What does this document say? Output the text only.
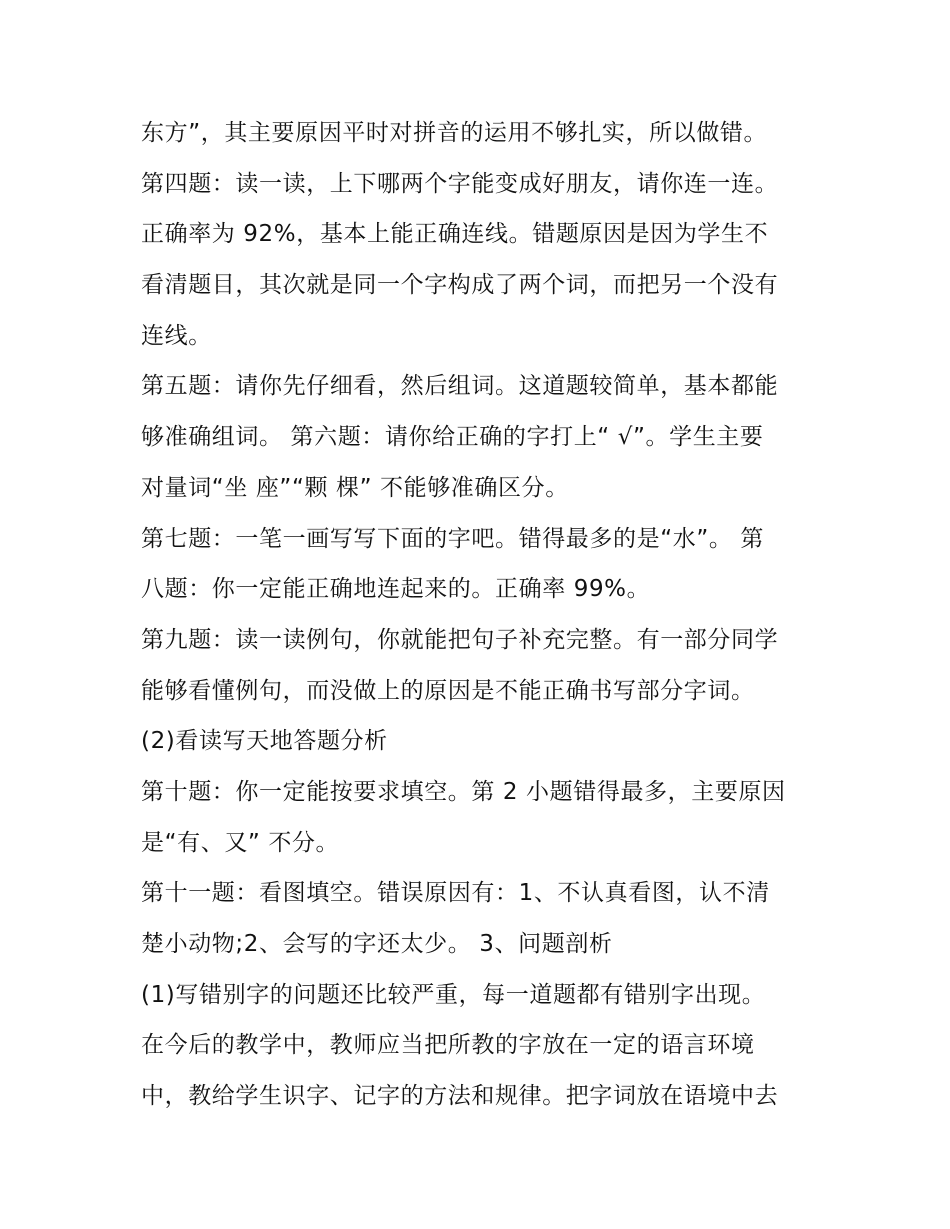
东方”，其主要原因平时对拼音的运用不够扎实，所以做错。
第四题：读一读，上下哪两个字能变成好朋友，请你连一连。
正确率为 92%，基本上能正确连线。错题原因是因为学生不
看清题目，其次就是同一个字构成了两个词，而把另一个没有
连线。
第五题：请你先仔细看，然后组词。这道题较简单，基本都能
够准确组词。 第六题：请你给正确的字打上“ √”。学生主要
对量词“坐 座”“颗 棵” 不能够准确区分。
第七题：一笔一画写写下面的字吧。错得最多的是“水”。 第
八题：你一定能正确地连起来的。正确率 99%。
第九题：读一读例句，你就能把句子补充完整。有一部分同学
能够看懂例句，而没做上的原因是不能正确书写部分字词。
(2)看读写天地答题分析
第十题：你一定能按要求填空。第 2 小题错得最多，主要原因
是“有、又” 不分。
第十一题：看图填空。错误原因有：1、不认真看图，认不清
楚小动物;2、会写的字还太少。 3、问题剖析
(1)写错别字的问题还比较严重，每一道题都有错别字出现。
在今后的教学中，教师应当把所教的字放在一定的语言环境
中，教给学生识字、记字的方法和规律。把字词放在语境中去
